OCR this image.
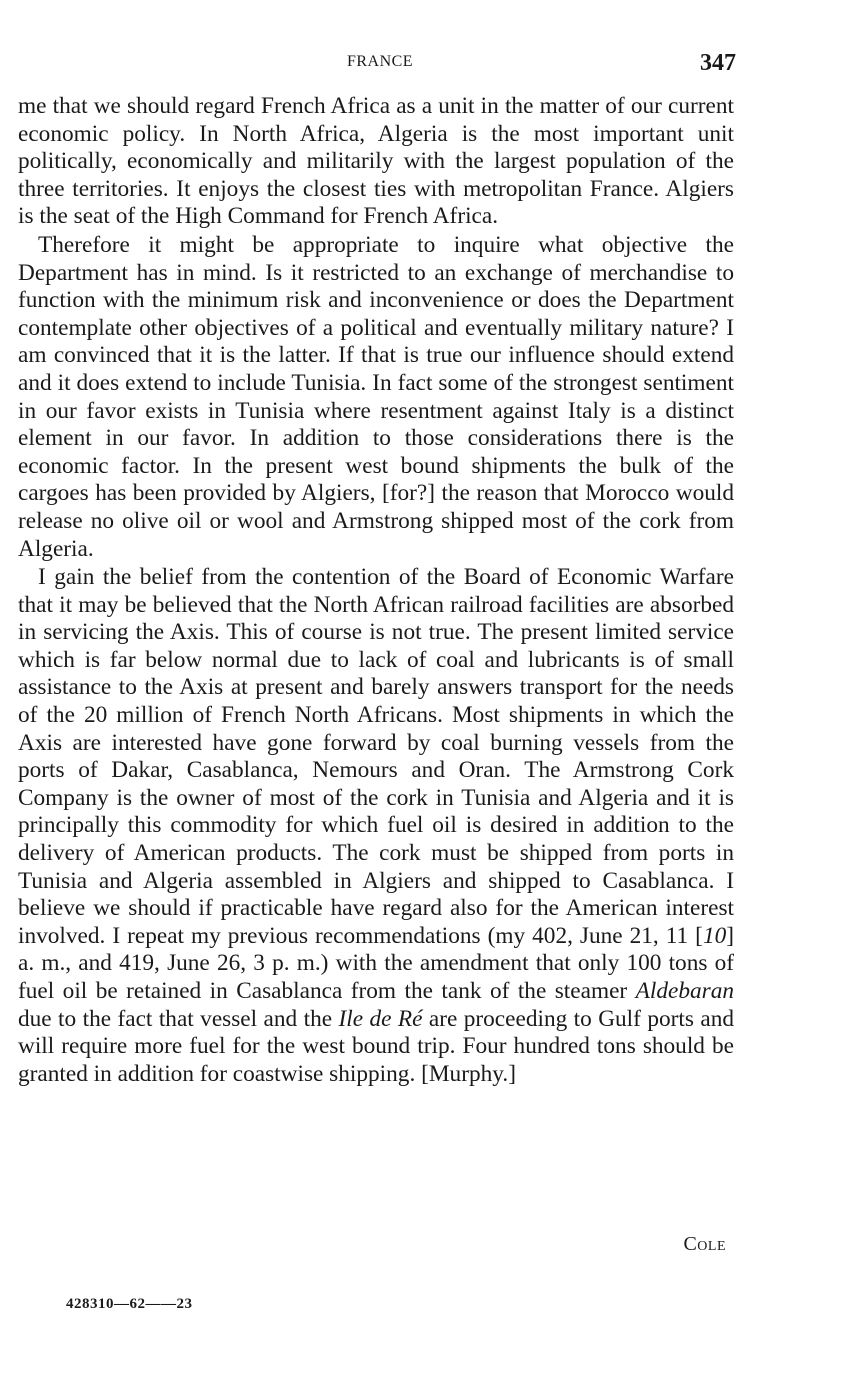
FRANCE	347

me that we should regard French Africa as a unit in the matter of our current economic policy. In North Africa, Algeria is the most important unit politically, economically and militarily with the largest population of the three territories. It enjoys the closest ties with metropolitan France. Algiers is the seat of the High Command for French Africa.

Therefore it might be appropriate to inquire what objective the Department has in mind. Is it restricted to an exchange of merchandise to function with the minimum risk and inconvenience or does the Department contemplate other objectives of a political and eventually military nature? I am convinced that it is the latter. If that is true our influence should extend and it does extend to include Tunisia. In fact some of the strongest sentiment in our favor exists in Tunisia where resentment against Italy is a distinct element in our favor. In addition to those considerations there is the economic factor. In the present west bound shipments the bulk of the cargoes has been provided by Algiers, [for?] the reason that Morocco would release no olive oil or wool and Armstrong shipped most of the cork from Algeria.

I gain the belief from the contention of the Board of Economic Warfare that it may be believed that the North African railroad facilities are absorbed in servicing the Axis. This of course is not true. The present limited service which is far below normal due to lack of coal and lubricants is of small assistance to the Axis at present and barely answers transport for the needs of the 20 million of French North Africans. Most shipments in which the Axis are interested have gone forward by coal burning vessels from the ports of Dakar, Casablanca, Nemours and Oran. The Armstrong Cork Company is the owner of most of the cork in Tunisia and Algeria and it is principally this commodity for which fuel oil is desired in addition to the delivery of American products. The cork must be shipped from ports in Tunisia and Algeria assembled in Algiers and shipped to Casablanca. I believe we should if practicable have regard also for the American interest involved. I repeat my previous recommendations (my 402, June 21, 11 [10] a. m., and 419, June 26, 3 p. m.) with the amendment that only 100 tons of fuel oil be retained in Casablanca from the tank of the steamer Aldebaran due to the fact that vessel and the Ile de Ré are proceeding to Gulf ports and will require more fuel for the west bound trip. Four hundred tons should be granted in addition for coastwise shipping. [Murphy.]

Cole
428310—62——23
